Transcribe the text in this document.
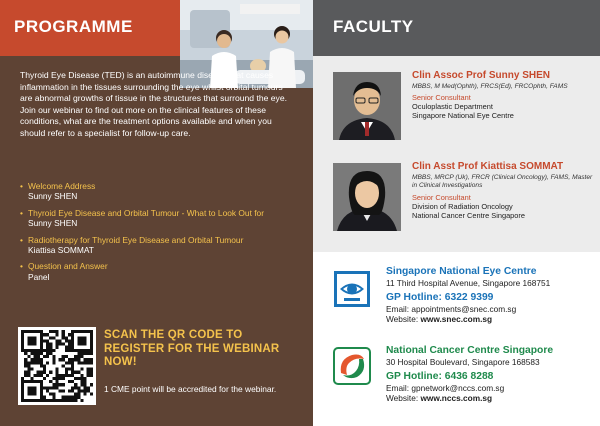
PROGRAMME
Thyroid Eye Disease (TED) is an autoimmune disease that causes inflammation in the tissues surrounding the eye whilst orbital tumours are abnormal growths of tissue in the structures that surround the eye. Join our webinar to find out more on the clinical features of these conditions, what are the treatment options available and when you should refer to a specialist for follow-up care.
• Welcome Address
Sunny SHEN
• Thyroid Eye Disease and Orbital Tumour - What to Look Out for
Sunny SHEN
• Radiotherapy for Thyroid Eye Disease and Orbital Tumour
Kiattisa SOMMAT
• Question and Answer
Panel
SCAN THE QR CODE TO REGISTER FOR THE WEBINAR NOW!
1 CME point will be accredited for the webinar.
FACULTY
Clin Assoc Prof Sunny SHEN
MBBS, M Med(Ophth), FRCS(Ed), FRCOphth, FAMS
Senior Consultant
Oculoplastic Department
Singapore National Eye Centre
Clin Asst Prof Kiattisa SOMMAT
MBBS, MRCP (Uk), FRCR (Clinical Oncology), FAMS, Master in Clinical Investigations
Senior Consultant
Division of Radiation Oncology
National Cancer Centre Singapore
Singapore National Eye Centre
11 Third Hospital Avenue, Singapore 168751
GP Hotline: 6322 9399
Email: appointments@snec.com.sg
Website: www.snec.com.sg
National Cancer Centre Singapore
30 Hospital Boulevard, Singapore 168583
GP Hotline: 6436 8288
Email: gpnetwork@nccs.com.sg
Website: www.nccs.com.sg
